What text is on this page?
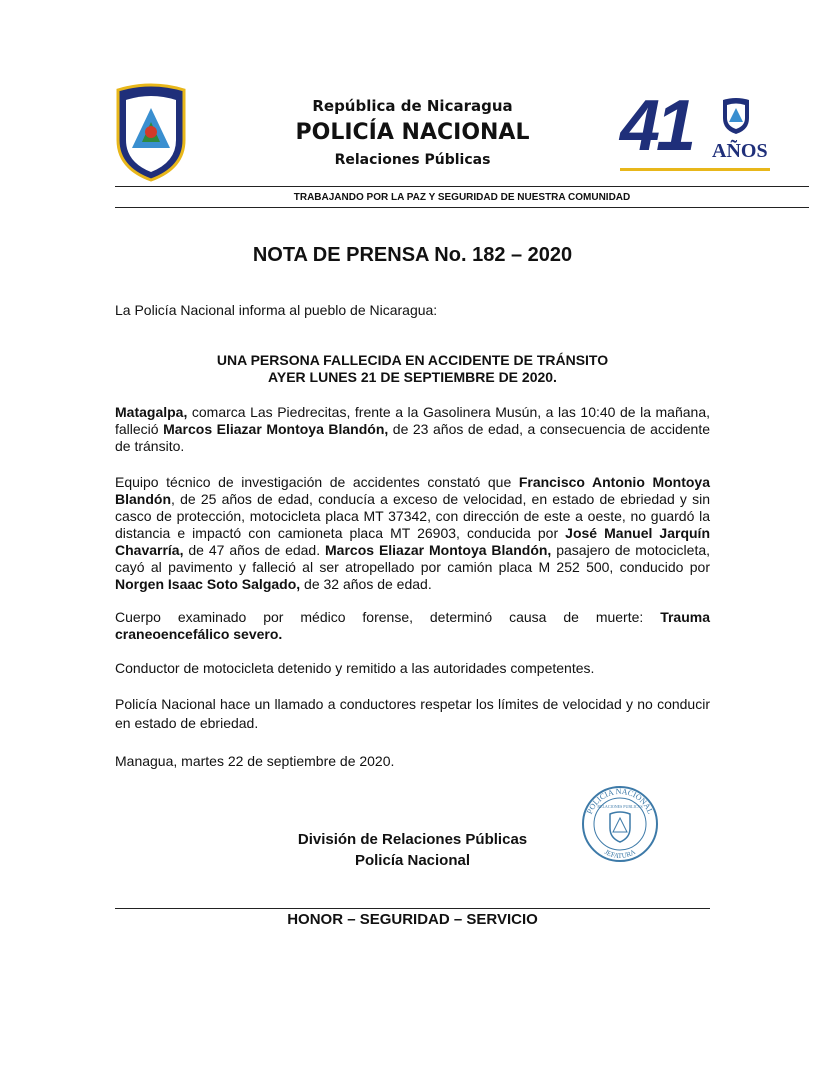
República de Nicaragua
POLICÍA NACIONAL
Relaciones Públicas	41 AÑOS
TRABAJANDO POR LA PAZ Y SEGURIDAD DE NUESTRA COMUNIDAD
NOTA DE PRENSA No. 182 – 2020
La Policía Nacional informa al pueblo de Nicaragua:
UNA PERSONA FALLECIDA EN ACCIDENTE DE TRÁNSITO
AYER LUNES 21 DE SEPTIEMBRE DE 2020.
Matagalpa, comarca Las Piedrecitas, frente a la Gasolinera Musún, a las 10:40 de la mañana, falleció Marcos Eliazar Montoya Blandón, de 23 años de edad, a consecuencia de accidente de tránsito.
Equipo técnico de investigación de accidentes constató que Francisco Antonio Montoya Blandón, de 25 años de edad, conducía a exceso de velocidad, en estado de ebriedad y sin casco de protección, motocicleta placa MT 37342, con dirección de este a oeste, no guardó la distancia e impactó con camioneta placa MT 26903, conducida por José Manuel Jarquín Chavarría, de 47 años de edad. Marcos Eliazar Montoya Blandón, pasajero de motocicleta, cayó al pavimento y falleció al ser atropellado por camión placa M 252 500, conducido por Norgen Isaac Soto Salgado, de 32 años de edad.
Cuerpo examinado por médico forense, determinó causa de muerte: Trauma craneoencefálico severo.
Conductor de motocicleta detenido y remitido a las autoridades competentes.
Policía Nacional hace un llamado a conductores respetar los límites de velocidad y no conducir en estado de ebriedad.
Managua, martes 22 de septiembre de 2020.
División de Relaciones Públicas
Policía Nacional
POLICIA NACIONAL
RELACIONES PUBLICAS
JEFATURA
HONOR – SEGURIDAD – SERVICIO
